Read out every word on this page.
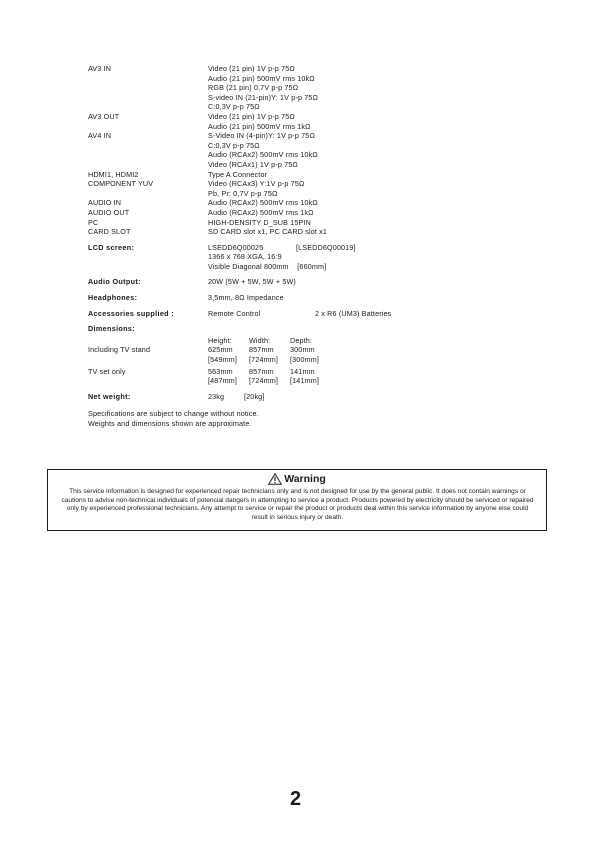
AV3 IN	Video (21 pin) 1V p-p 75Ω
Audio (21 pin) 500mV rms 10kΩ
RGB (21 pin) 0,7V p-p 75Ω
S-video IN (21-pin)Y: 1V p-p 75Ω
C:0,3V p-p 75Ω
AV3 OUT	Video (21 pin) 1V p-p 75Ω
Audio (21 pin) 500mV rms 1kΩ
AV4 IN	S-Video IN (4-pin)Y: 1V p-p 75Ω
C:0,3V p-p 75Ω
Audio (RCAx2) 500mV rms 10kΩ
Video (RCAx1) 1V p-p 75Ω
HDMI1, HDMI2	Type A Connector
COMPONENT YUV	Video (RCAx3) Y:1V p-p 75Ω
Pb, Pr: 0,7V p-p 75Ω
AUDIO IN	Audio (RCAx2) 500mV rms 10kΩ
AUDIO OUT	Audio (RCAx2) 500mV rms 1kΩ
PC	HIGH-DENSITY D_SUB 15PIN
CARD SLOT	SD CARD slot x1, PC CARD slot x1
LCD screen:	LSEDD6Q00025	[LSEDD6Q00019]
1366 x 768 XGA, 16:9
Visible Diagonal 800mm [660mm]
Audio Output:	20W (5W + 5W, 5W + 5W)
Headphones:	3,5mm, 8Ω Impedance
Accessories supplied :	Remote Control	2 x R6 (UM3) Batteries
Dimensions:
Height: Width:	Depth:
Including TV stand	625mm 857mm 300mm
[549mm] [724mm] [300mm]
TV set only	563mm 857mm 141mm
[487mm] [724mm] [141mm]
Net weight:	23kg	[20kg]
Specifications are subject to change without notice.
Weights and dimensions shown are approximate.
Warning
This service information is designed for experienced repair technicians only and is not designed for use by the general public. It does not contain warnings or cautions to advise non-technical individuals of potencial dangers in attempting to service a product. Products powered by electricity should be serviced or repaired only by experienced professional technicians. Any attempt to service or repair the product or products deal within this service information by anyone else could result in serious injury or death.
2
